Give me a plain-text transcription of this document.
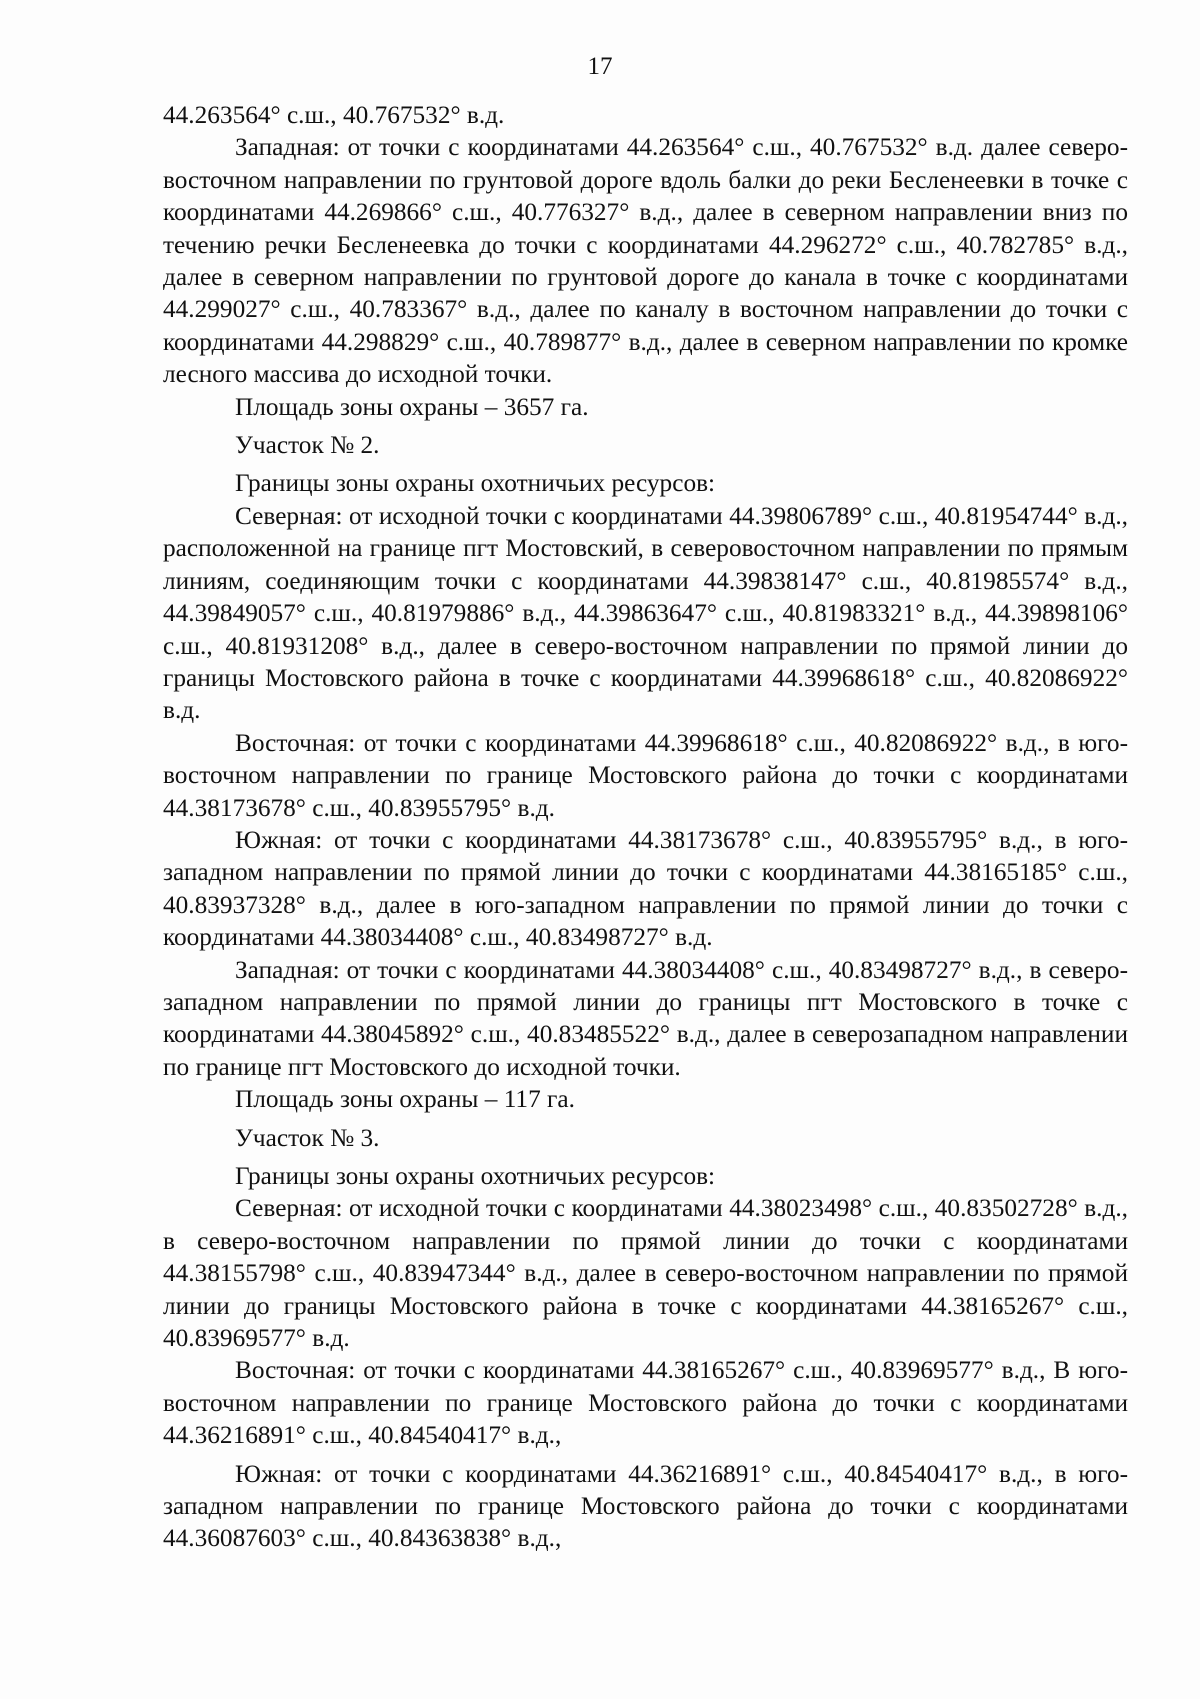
17

44.263564° с.ш., 40.767532° в.д.

Западная: от точки с координатами 44.263564° с.ш., 40.767532° в.д. далее северо-восточном направлении по грунтовой дороге вдоль балки до реки Бесленеевки в точке с координатами 44.269866° с.ш., 40.776327° в.д., далее в северном направлении вниз по течению речки Бесленеевка до точки с координатами 44.296272° с.ш., 40.782785° в.д., далее в северном направлении по грунтовой дороге до канала в точке с координатами 44.299027° с.ш., 40.783367° в.д., далее по каналу в восточном направлении до точки с координатами 44.298829° с.ш., 40.789877° в.д., далее в северном направлении по кромке лесного массива до исходной точки.

Площадь зоны охраны – 3657 га.

Участок № 2.

Границы зоны охраны охотничьих ресурсов:

Северная: от исходной точки с координатами 44.39806789° с.ш., 40.81954744° в.д., расположенной на границе пгт Мостовский, в северовосточном направлении по прямым линиям, соединяющим точки с координатами 44.39838147° с.ш., 40.81985574° в.д., 44.39849057° с.ш., 40.81979886° в.д., 44.39863647° с.ш., 40.81983321° в.д., 44.39898106° с.ш., 40.81931208° в.д., далее в северо-восточном направлении по прямой линии до границы Мостовского района в точке с координатами 44.39968618° с.ш., 40.82086922° в.д.

Восточная: от точки с координатами 44.39968618° с.ш., 40.82086922° в.д., в юго-восточном направлении по границе Мостовского района до точки с координатами 44.38173678° с.ш., 40.83955795° в.д.

Южная: от точки с координатами 44.38173678° с.ш., 40.83955795° в.д., в юго-западном направлении по прямой линии до точки с координатами 44.38165185° с.ш., 40.83937328° в.д., далее в юго-западном направлении по прямой линии до точки с координатами 44.38034408° с.ш., 40.83498727° в.д.

Западная: от точки с координатами 44.38034408° с.ш., 40.83498727° в.д., в северо-западном направлении по прямой линии до границы пгт Мостовского в точке с координатами 44.38045892° с.ш., 40.83485522° в.д., далее в северозападном направлении по границе пгт Мостовского до исходной точки.

Площадь зоны охраны – 117 га.

Участок № 3.

Границы зоны охраны охотничьих ресурсов:

Северная: от исходной точки с координатами 44.38023498° с.ш., 40.83502728° в.д., в северо-восточном направлении по прямой линии до точки с координатами 44.38155798° с.ш., 40.83947344° в.д., далее в северо-восточном направлении по прямой линии до границы Мостовского района в точке с координатами 44.38165267° с.ш., 40.83969577° в.д.

Восточная: от точки с координатами 44.38165267° с.ш., 40.83969577° в.д., В юго-восточном направлении по границе Мостовского района до точки с координатами 44.36216891° с.ш., 40.84540417° в.д.,

Южная: от точки с координатами 44.36216891° с.ш., 40.84540417° в.д., в юго-западном направлении по границе Мостовского района до точки с координатами 44.36087603° с.ш., 40.84363838° в.д.,
